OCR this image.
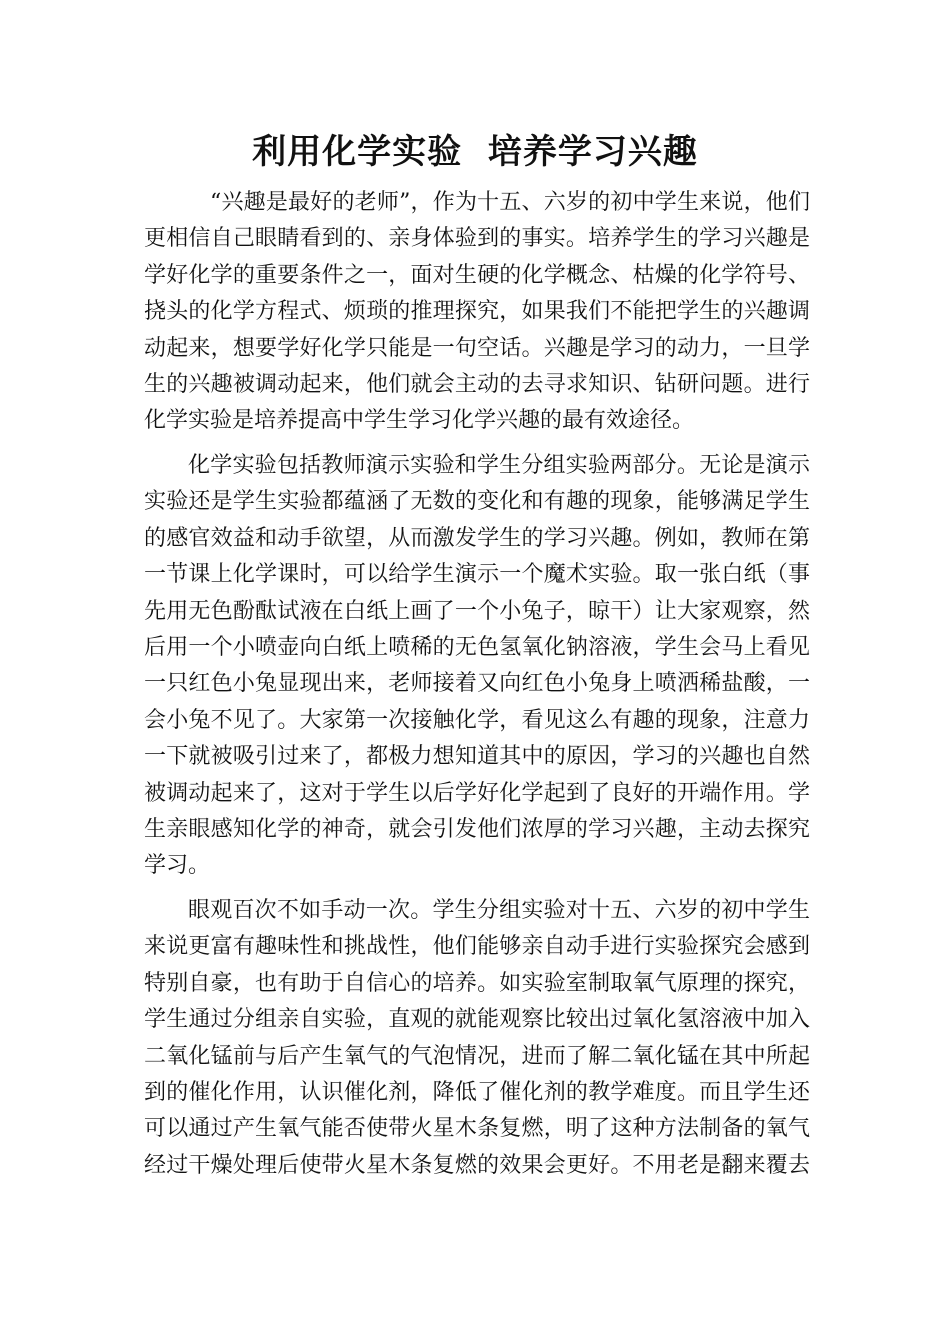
利用化学实验  培养学习兴趣
“兴趣是最好的老师”，作为十五、六岁的初中学生来说，他们
更相信自己眼睛看到的、亲身体验到的事实。培养学生的学习兴趣是
学好化学的重要条件之一，面对生硬的化学概念、枯燥的化学符号、
挠头的化学方程式、烦琐的推理探究，如果我们不能把学生的兴趣调
动起来，想要学好化学只能是一句空话。兴趣是学习的动力，一旦学
生的兴趣被调动起来，他们就会主动的去寻求知识、钻研问题。进行
化学实验是培养提高中学生学习化学兴趣的最有效途径。
化学实验包括教师演示实验和学生分组实验两部分。无论是演示
实验还是学生实验都蕴涵了无数的变化和有趣的现象，能够满足学生
的感官效益和动手欲望，从而激发学生的学习兴趣。例如，教师在第
一节课上化学课时，可以给学生演示一个魔术实验。取一张白纸（事
先用无色酚酞试液在白纸上画了一个小兔子，晾干）让大家观察，然
后用一个小喷壶向白纸上喷稀的无色氢氧化钠溶液，学生会马上看见
一只红色小兔显现出来，老师接着又向红色小兔身上喷洒稀盐酸，一
会小兔不见了。大家第一次接触化学，看见这么有趣的现象，注意力
一下就被吸引过来了，都极力想知道其中的原因，学习的兴趣也自然
被调动起来了，这对于学生以后学好化学起到了良好的开端作用。学
生亲眼感知化学的神奇，就会引发他们浓厚的学习兴趣，主动去探究
学习。
眼观百次不如手动一次。学生分组实验对十五、六岁的初中学生
来说更富有趣味性和挑战性，他们能够亲自动手进行实验探究会感到
特别自豪，也有助于自信心的培养。如实验室制取氧气原理的探究，
学生通过分组亲自实验，直观的就能观察比较出过氧化氢溶液中加入
二氧化锰前与后产生氧气的气泡情况，进而了解二氧化锰在其中所起
到的催化作用，认识催化剂，降低了催化剂的教学难度。而且学生还
可以通过产生氧气能否使带火星木条复燃，明了这种方法制备的氧气
经过干燥处理后使带火星木条复燃的效果会更好。不用老是翻来覆去
